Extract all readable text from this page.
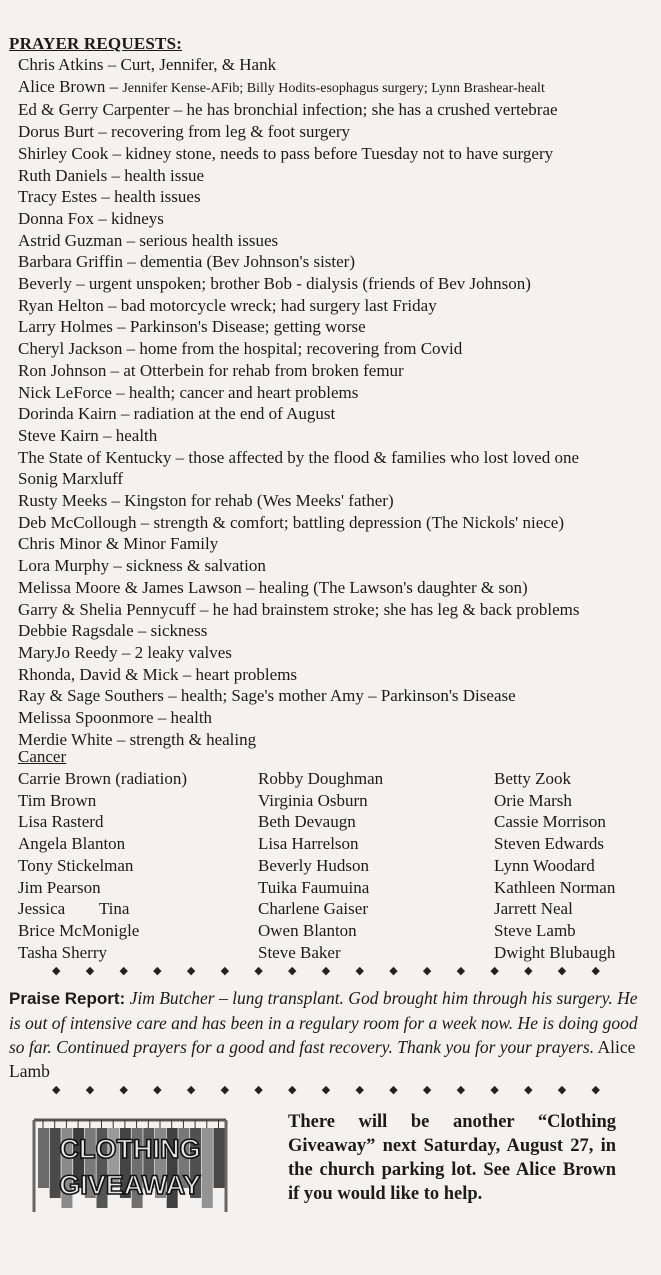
PRAYER REQUESTS:
Chris Atkins – Curt, Jennifer, & Hank
Alice Brown – Jennifer Kense-AFib; Billy Hodits-esophagus surgery; Lynn Brashear-healt
Ed & Gerry Carpenter – he has bronchial infection; she has a crushed vertebrae
Dorus Burt – recovering from leg & foot surgery
Shirley Cook – kidney stone, needs to pass before Tuesday not to have surgery
Ruth Daniels – health issue
Tracy Estes – health issues
Donna Fox – kidneys
Astrid Guzman – serious health issues
Barbara Griffin – dementia (Bev Johnson's sister)
Beverly – urgent unspoken; brother Bob - dialysis (friends of Bev Johnson)
Ryan Helton – bad motorcycle wreck; had surgery last Friday
Larry Holmes – Parkinson's Disease; getting worse
Cheryl Jackson – home from the hospital; recovering from Covid
Ron Johnson – at Otterbein for rehab from broken femur
Nick LeForce – health; cancer and heart problems
Dorinda Kairn – radiation at the end of August
Steve Kairn – health
The State of Kentucky – those affected by the flood & families who lost loved one
Sonig Marxluff
Rusty Meeks – Kingston for rehab (Wes Meeks' father)
Deb McCollough – strength & comfort; battling depression (The Nickols' niece)
Chris Minor & Minor Family
Lora Murphy – sickness & salvation
Melissa Moore & James Lawson – healing (The Lawson's daughter & son)
Garry & Shelia Pennycuff – he had brainstem stroke; she has leg & back problems
Debbie Ragsdale – sickness
MaryJo Reedy – 2 leaky valves
Rhonda, David & Mick – heart problems
Ray & Sage Southers – health; Sage's mother Amy – Parkinson's Disease
Melissa Spoonmore – health
Merdie White – strength & healing
Cancer
Carrie Brown (radiation)
Tim Brown
Lisa Rasterd
Angela Blanton
Tony Stickelman
Jim Pearson
Jessica        Tina
Brice McMonigle
Tasha Sherry
Robby Doughman
Virginia Osburn
Beth Devaugn
Lisa Harrelson
Beverly Hudson
Tuika Faumuina
Charlene Gaiser
Owen Blanton
Steve Baker
Betty Zook
Orie Marsh
Cassie Morrison
Steven Edwards
Lynn Woodard
Kathleen Norman
Jarrett Neal
Steve Lamb
Dwight Blubaugh
◆ ◆ ◆ ◆ ◆ ◆ ◆ ◆ ◆ ◆ ◆ ◆ ◆ ◆ ◆ ◆ ◆
Praise Report: Jim Butcher – lung transplant. God brought him through his surgery. He is out of intensive care and has been in a regulary room for a week now. He is doing good so far. Continued prayers for a good and fast recovery. Thank you for your prayers. Alice Lamb
◆ ◆ ◆ ◆ ◆ ◆ ◆ ◆ ◆ ◆ ◆ ◆ ◆ ◆ ◆ ◆ ◆
CLOTHING
GIVEAWAY
There will be another “Clothing Giveaway” next Saturday, August 27, in the church parking lot. See Alice Brown if you would like to help.
